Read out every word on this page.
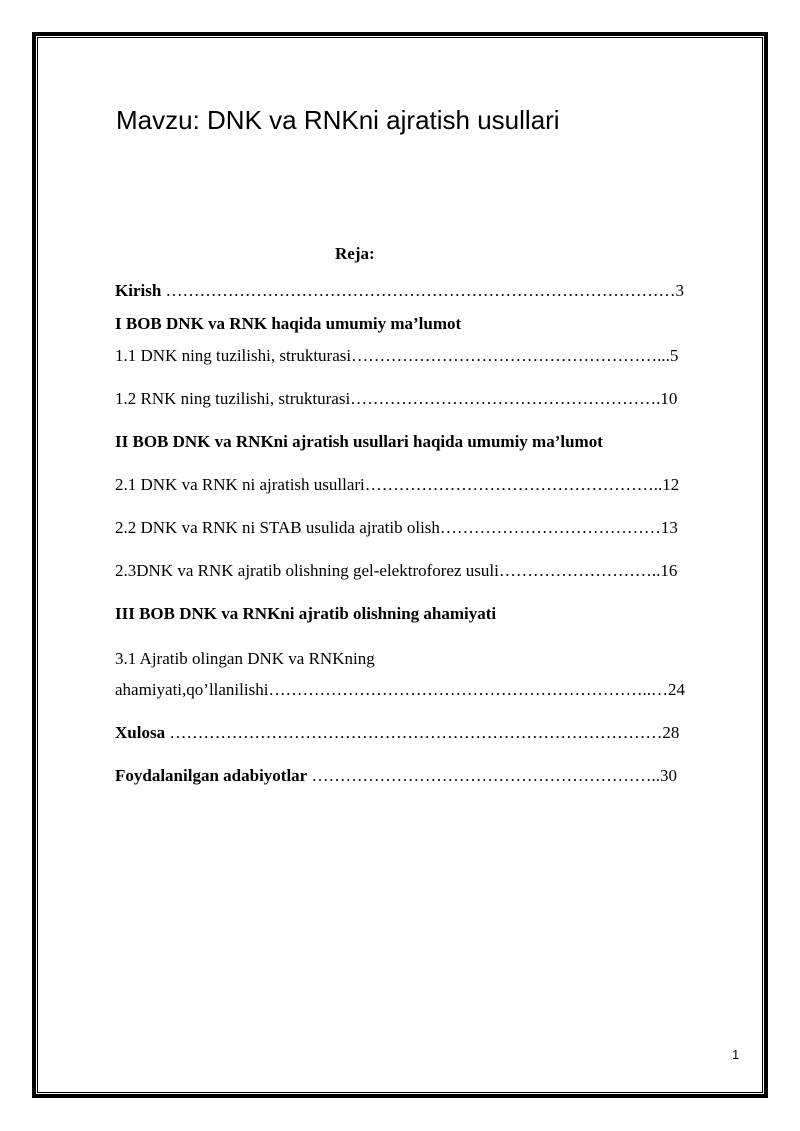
Mavzu: DNK va RNKni ajratish usullari
Reja:
Kirish ………………………………………………………………………………3
I BOB DNK va RNK haqida umumiy ma’lumot
1.1 DNK ning tuzilishi, strukturasi………………………………………………...5
1.2 RNK ning tuzilishi, strukturasi……………………………………………….10
II BOB DNK va RNKni ajratish usullari haqida umumiy ma’lumot
2.1 DNK va RNK ni ajratish usullari……………………………………………..12
2.2 DNK va RNK ni STAB usulida ajratib olish…………………………………13
2.3DNK va RNK ajratib olishning gel-elektroforez usuli………………………..16
III BOB DNK va RNKni ajratib olishning ahamiyati
3.1 Ajratib olingan DNK va RNKning
ahamiyati,qo’llanilishi…………………………………………………………..…24
Xulosa ……………………………………………………………………………28
Foydalanilgan adabiyotlar ……………………………………………………..30
1
